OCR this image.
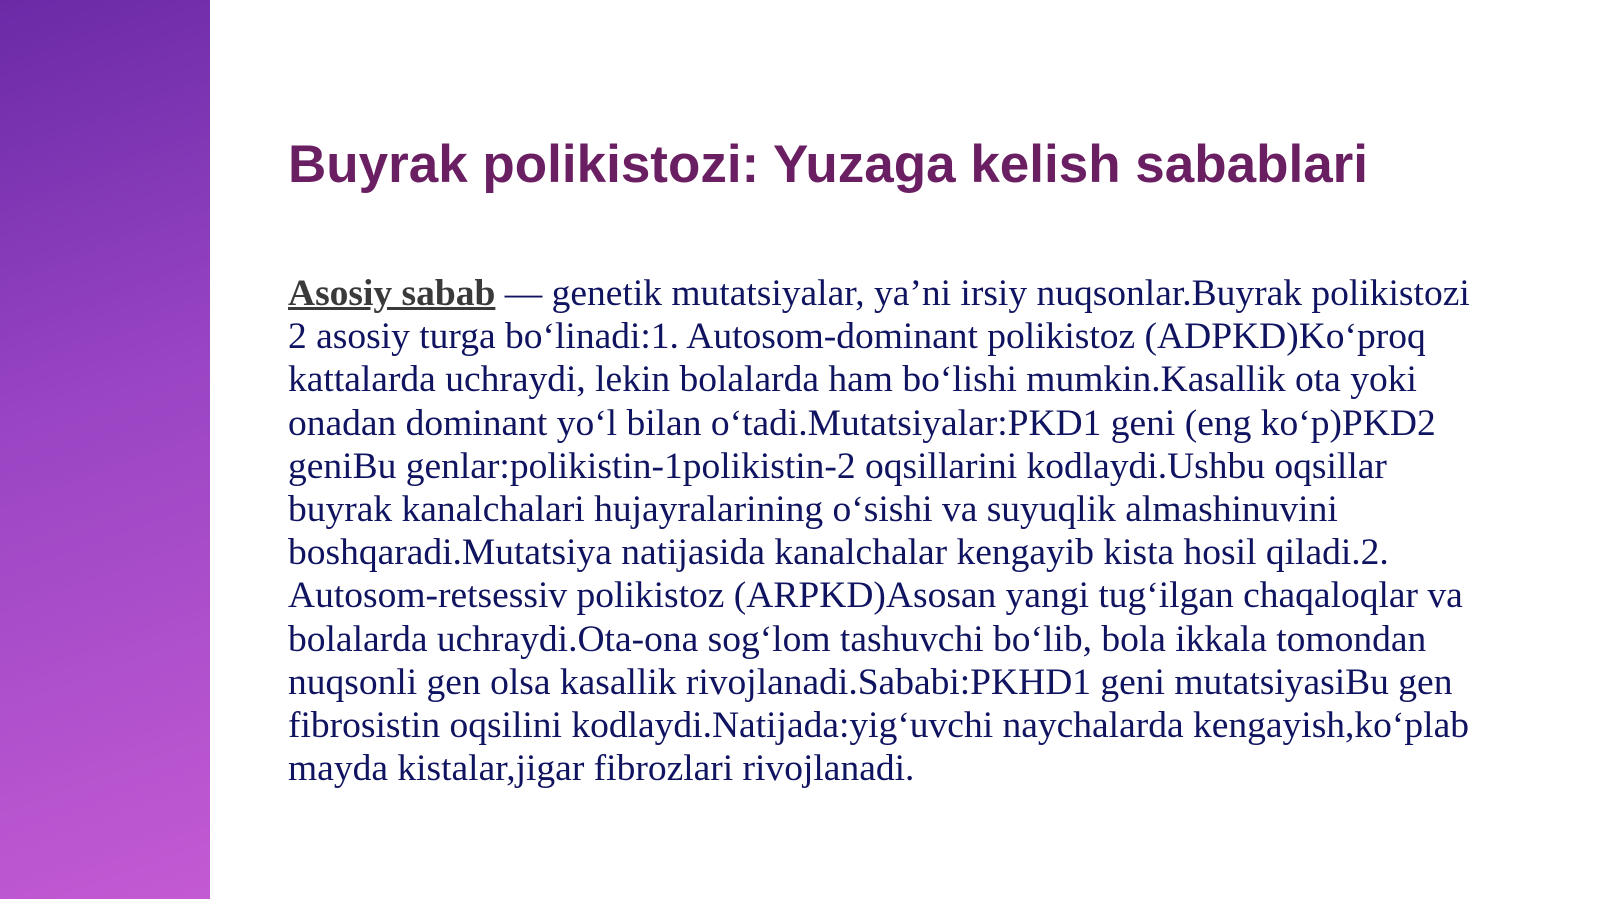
Buyrak polikistozi: Yuzaga kelish sabablari

Asosiy sabab — genetik mutatsiyalar, ya’ni irsiy nuqsonlar.Buyrak polikistozi 2 asosiy turga bo‘linadi:1. Autosom-dominant polikistoz (ADPKD)Ko‘proq kattalarda uchraydi, lekin bolalarda ham bo‘lishi mumkin.Kasallik ota yoki onadan dominant yo‘l bilan o‘tadi.Mutatsiyalar:PKD1 geni (eng ko‘p)PKD2 geniBu genlar:polikistin-1polikistin-2 oqsillarini kodlaydi.Ushbu oqsillar buyrak kanalchalari hujayralarining o‘sishi va suyuqlik almashinuvini boshqaradi.Mutatsiya natijasida kanalchalar kengayib kista hosil qiladi.2. Autosom-retsessiv polikistoz (ARPKD)Asosan yangi tug‘ilgan chaqaloqlar va bolalarda uchraydi.Ota-ona sog‘lom tashuvchi bo‘lib, bola ikkala tomondan nuqsonli gen olsa kasallik rivojlanadi.Sababi:PKHD1 geni mutatsiyasiBu gen fibrosistin oqsilini kodlaydi.Natijada:yig‘uvchi naychalarda kengayish,ko‘plab mayda kistalar,jigar fibrozlari rivojlanadi.
